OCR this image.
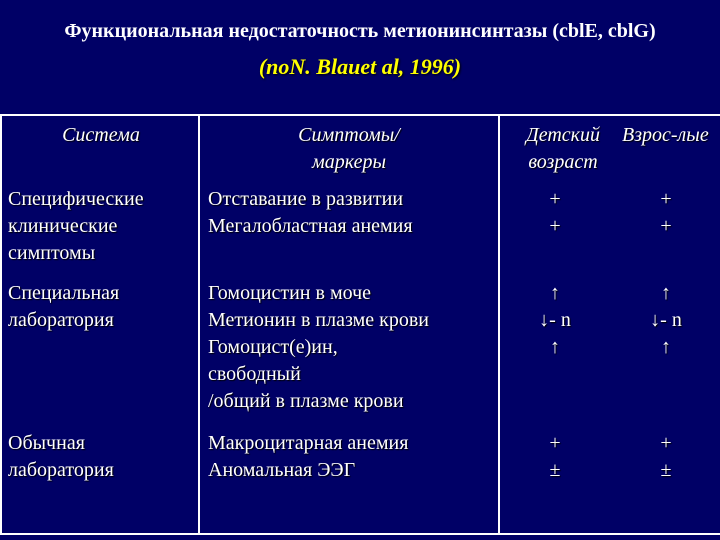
Функциональная недостаточность метионинсинтазы (cblE, cblG)
(поN. Blauet al, 1996)
Система	Симптомы/
маркеры
Детский
возраст
Взрос-лые
Специфические
клинические
симптомы
Отставание в развитии
Мегалобластная анемия
+
+
+
+
Специальная
лаборатория
Гомоцистин в моче
Метионин в плазме крови
Гомоцист(е)ин,
свободный
/общий в плазме крови
↑
↓- n
↑
↑
↓- n
↑
Обычная
лаборатория
Макроцитарная анемия
Аномальная ЭЭГ
+
±
+
±
